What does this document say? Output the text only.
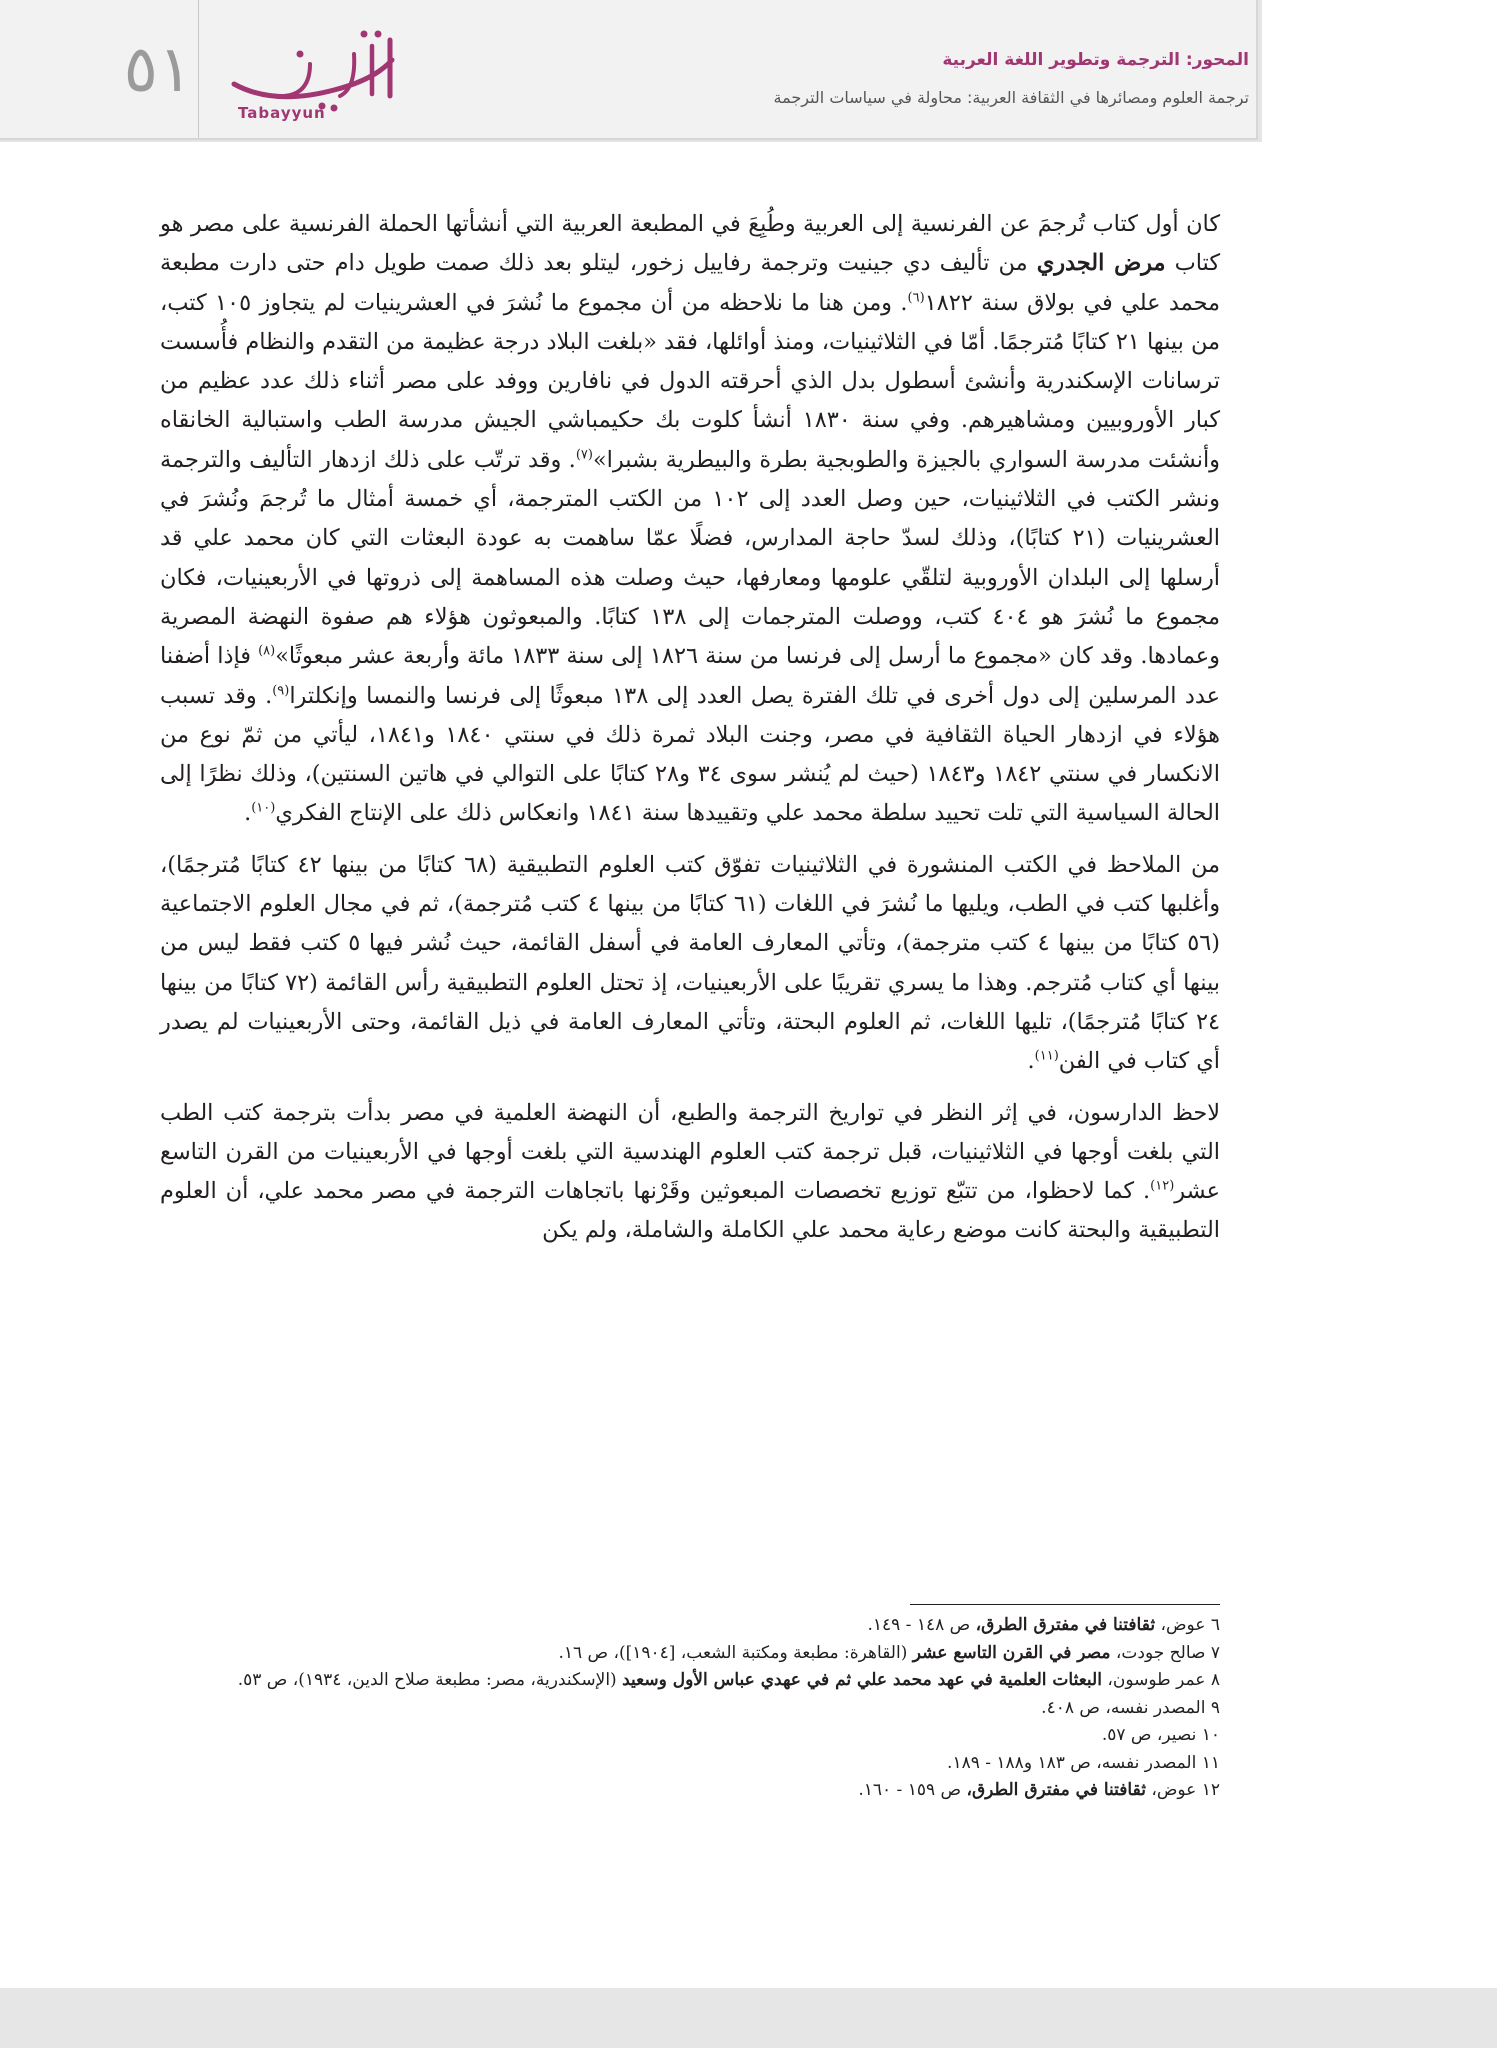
٥١
Tabayyun
المحور: الترجمة وتطوير اللغة العربية
ترجمة العلوم ومصائرها في الثقافة العربية: محاولة في سياسات الترجمة

كان أول كتاب تُرجمَ عن الفرنسية إلى العربية وطُبِعَ في المطبعة العربية التي أنشأتها الحملة الفرنسية على مصر هو كتاب مرض الجدري من تأليف دي جينيت وترجمة رفاييل زخور، ليتلو بعد ذلك صمت طويل دام حتى دارت مطبعة محمد علي في بولاق سنة ١٨٢٢$^{(٦)}$. ومن هنا ما نلاحظه من أن مجموع ما نُشرَ في العشرينيات لم يتجاوز ١٠٥ كتب، من بينها ٢١ كتابًا مُترجمًا. أمّا في الثلاثينيات، ومنذ أوائلها، فقد «بلغت البلاد درجة عظيمة من التقدم والنظام فأُسست ترسانات الإسكندرية وأنشئ أسطول بدل الذي أحرقته الدول في نافارين ووفد على مصر أثناء ذلك عدد عظيم من كبار الأوروبيين ومشاهيرهم. وفي سنة ١٨٣٠ أنشأ كلوت بك حكيمباشي الجيش مدرسة الطب واستبالية الخانقاه وأنشئت مدرسة السواري بالجيزة والطوبجية بطرة والبيطرية بشبرا»$^{(٧)}$. وقد ترتّب على ذلك ازدهار التأليف والترجمة ونشر الكتب في الثلاثينيات، حين وصل العدد إلى ١٠٢ من الكتب المترجمة، أي خمسة أمثال ما تُرجمَ ونُشرَ في العشرينيات (٢١ كتابًا)، وذلك لسدّ حاجة المدارس، فضلًا عمّا ساهمت به عودة البعثات التي كان محمد علي قد أرسلها إلى البلدان الأوروبية لتلقّي علومها ومعارفها، حيث وصلت هذه المساهمة إلى ذروتها في الأربعينيات، فكان مجموع ما نُشرَ هو ٤٠٤ كتب، ووصلت المترجمات إلى ١٣٨ كتابًا. والمبعوثون هؤلاء هم صفوة النهضة المصرية وعمادها. وقد كان «مجموع ما أرسل إلى فرنسا من سنة ١٨٢٦ إلى سنة ١٨٣٣ مائة وأربعة عشر مبعوثًا»$^{(٨)}$ فإذا أضفنا عدد المرسلين إلى دول أخرى في تلك الفترة يصل العدد إلى ١٣٨ مبعوثًا إلى فرنسا والنمسا وإنكلترا$^{(٩)}$. وقد تسبب هؤلاء في ازدهار الحياة الثقافية في مصر، وجنت البلاد ثمرة ذلك في سنتي ١٨٤٠ و١٨٤١، ليأتي من ثمّ نوع من الانكسار في سنتي ١٨٤٢ و١٨٤٣ (حيث لم يُنشر سوى ٣٤ و٢٨ كتابًا على التوالي في هاتين السنتين)، وذلك نظرًا إلى الحالة السياسية التي تلت تحييد سلطة محمد علي وتقييدها سنة ١٨٤١ وانعكاس ذلك على الإنتاج الفكري$^{(١٠)}$.

من الملاحظ في الكتب المنشورة في الثلاثينيات تفوّق كتب العلوم التطبيقية (٦٨ كتابًا من بينها ٤٢ كتابًا مُترجمًا)، وأغلبها كتب في الطب، ويليها ما نُشرَ في اللغات (٦١ كتابًا من بينها ٤ كتب مُترجمة)، ثم في مجال العلوم الاجتماعية (٥٦ كتابًا من بينها ٤ كتب مترجمة)، وتأتي المعارف العامة في أسفل القائمة، حيث نُشر فيها ٥ كتب فقط ليس من بينها أي كتاب مُترجم. وهذا ما يسري تقريبًا على الأربعينيات، إذ تحتل العلوم التطبيقية رأس القائمة (٧٢ كتابًا من بينها ٢٤ كتابًا مُترجمًا)، تليها اللغات، ثم العلوم البحتة، وتأتي المعارف العامة في ذيل القائمة، وحتى الأربعينيات لم يصدر أي كتاب في الفن$^{(١١)}$.

لاحظ الدارسون، في إثر النظر في تواريخ الترجمة والطبع، أن النهضة العلمية في مصر بدأت بترجمة كتب الطب التي بلغت أوجها في الثلاثينيات، قبل ترجمة كتب العلوم الهندسية التي بلغت أوجها في الأربعينيات من القرن التاسع عشر$^{(١٢)}$. كما لاحظوا، من تتبّع توزيع تخصصات المبعوثين وقَرْنها باتجاهات الترجمة في مصر محمد علي، أن العلوم التطبيقية والبحتة كانت موضع رعاية محمد علي الكاملة والشاملة، ولم يكن

٦ عوض، ثقافتنا في مفترق الطرق، ص ١٤٨ - ١٤٩.

٧ صالح جودت، مصر في القرن التاسع عشر (القاهرة: مطبعة ومكتبة الشعب، [١٩٠٤])، ص ١٦.

٨ عمر طوسون، البعثات العلمية في عهد محمد علي ثم في عهدي عباس الأول وسعيد (الإسكندرية، مصر: مطبعة صلاح الدين، ١٩٣٤)، ص ٥٣.

٩ المصدر نفسه، ص ٤٠٨.

١٠ نصير، ص ٥٧.

١١ المصدر نفسه، ص ١٨٣ و١٨٨ - ١٨٩.

١٢ عوض، ثقافتنا في مفترق الطرق، ص ١٥٩ - ١٦٠.
